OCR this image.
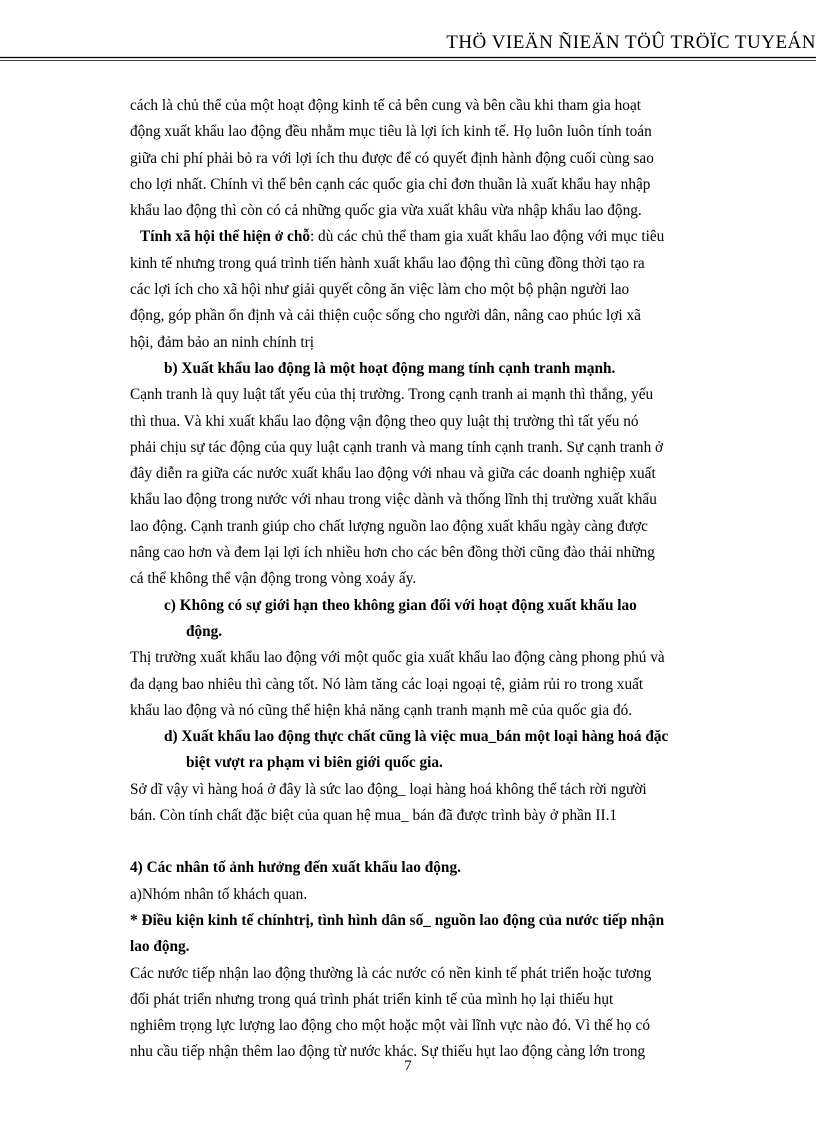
THÖ VIEÄN ÑIEÄN TÖÛ TRÖÏC TUYEÁN
cách là chủ thể của một hoạt động kinh tế cả bên cung và bên cầu khi tham gia hoạt
động xuất khẩu lao động đều nhằm mục tiêu là lợi ích kinh tế. Họ luôn luôn tính toán
giữa chi phí phải bỏ ra với lợi ích thu được để có quyết định hành động cuối cùng sao
cho lợi nhất. Chính vì thế bên cạnh các quốc gia chỉ đơn thuần là xuất khẩu hay nhập
khẩu lao động thì còn có cả những quốc gia vừa xuất khâu vừa nhập khẩu lao động.
Tính xã hội thể hiện ở chỗ: dù các chủ thể tham gia xuất khẩu lao động với mục tiêu
kinh tế nhưng trong quá trình tiến hành xuất khẩu lao động thì cũng đồng thời tạo ra
các lợi ích cho xã hội như giải quyết công ăn việc làm cho một bộ phận người lao
động, góp phần ổn định và cải thiện cuộc sống cho người dân, nâng cao phúc lợi xã
hội, đảm bảo an ninh chính trị
b) Xuất khẩu lao động là một hoạt động mang tính cạnh tranh mạnh.
Cạnh tranh là quy luật tất yếu của thị trường. Trong cạnh tranh ai mạnh thì thắng, yếu
thì thua. Và khi xuất khẩu lao động vận động theo quy luật thị trường thì tất yếu nó
phải chịu sự tác động của quy luật cạnh tranh và mang tính cạnh tranh. Sự cạnh tranh ở
đây diễn ra giữa các nước xuất khẩu lao động với nhau và giữa các doanh nghiệp xuất
khẩu lao động trong nước với nhau trong việc dành và thống lĩnh thị trường xuất khẩu
lao động. Cạnh tranh giúp cho chất lượng nguồn lao động xuất khẩu ngày càng được
nâng cao hơn và đem lại lợi ích nhiều hơn cho các bên đồng thời cũng đào thải những
cá thể không thể vận động trong vòng xoáy ấy.
c) Không có sự giới hạn theo không gian đối với hoạt động xuất khẩu lao
động.
Thị trường xuất khẩu lao động với một quốc gia xuất khẩu lao động càng phong phú và
đa dạng bao nhiêu thì càng tốt. Nó làm tăng các loại ngoại tệ, giảm rủi ro trong xuất
khẩu lao động và nó cũng thể hiện khả năng cạnh tranh mạnh mẽ của quốc gia đó.
d) Xuất khẩu lao động thực chất cũng là việc mua_bán một loại hàng hoá đặc
biệt vượt ra phạm vi biên giới quốc gia.
Sở dĩ vậy vì hàng hoá ở đây là sức lao động_ loại hàng hoá không thể tách rời người
bán. Còn tính chất đặc biệt của quan hệ mua_ bán đã được trình bày ở phần II.1
4) Các nhân tố ảnh hưởng đến xuất khẩu lao động.
a)Nhóm nhân tố khách quan.
* Điều kiện kinh tế chínhtrị, tình hình dân số_ nguồn lao động của nước tiếp nhận
lao động.
Các nước tiếp nhận lao động thường là các nước có nền kinh tế phát triển hoặc tương
đối phát triển nhưng trong quá trình phát triển kinh tế của mình họ lại thiếu hụt
nghiêm trọng lực lượng lao động cho một hoặc một vài lĩnh vực nào đó. Vì thế họ có
nhu cầu tiếp nhận thêm lao động từ nước khác. Sự thiếu hụt lao động càng lớn trong
7
